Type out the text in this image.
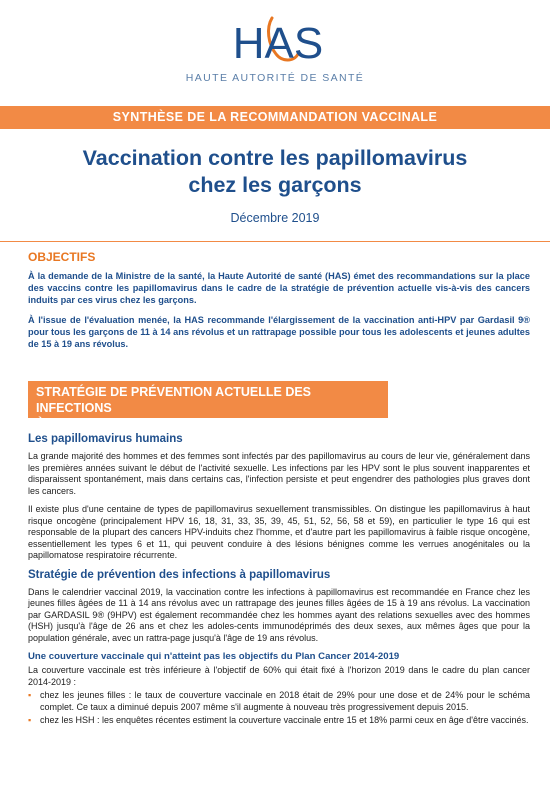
HAS
HAUTE AUTORITÉ DE SANTÉ
SYNTHÈSE DE LA RECOMMANDATION VACCINALE
Vaccination contre les papillomavirus
chez les garçons
Décembre 2019
OBJECTIFS

À la demande de la Ministre de la santé, la Haute Autorité de santé (HAS) émet des recommandations sur la place des vaccins contre les papillomavirus dans le cadre de la stratégie de prévention actuelle vis-à-vis des cancers induits par ces virus chez les garçons.

À l'issue de l'évaluation menée, la HAS recommande l'élargissement de la vaccination anti-HPV par Gardasil 9® pour tous les garçons de 11 à 14 ans révolus et un rattrapage possible pour tous les adolescents et jeunes adultes de 15 à 19 ans révolus.

STRATÉGIE DE PRÉVENTION ACTUELLE DES INFECTIONS
À PAPILLOMAVIRUS EN FRANCE
Les papillomavirus humains

La grande majorité des hommes et des femmes sont infectés par des papillomavirus au cours de leur vie, généralement dans les premières années suivant le début de l'activité sexuelle. Les infections par les HPV sont le plus souvent inapparentes et disparaissent spontanément, mais dans certains cas, l'infection persiste et peut engendrer des pathologies plus graves dont les cancers.

Il existe plus d'une centaine de types de papillomavirus sexuellement transmissibles. On distingue les papillomavirus à haut risque oncogène (principalement HPV 16, 18, 31, 33, 35, 39, 45, 51, 52, 56, 58 et 59), en particulier le type 16 qui est responsable de la plupart des cancers HPV-induits chez l'homme, et d'autre part les papillomavirus à faible risque oncogène, essentiellement les types 6 et 11, qui peuvent conduire à des lésions bénignes comme les verrues anogénitales ou la papillomatose respiratoire récurrente.

Stratégie de prévention des infections à papillomavirus

Dans le calendrier vaccinal 2019, la vaccination contre les infections à papillomavirus est recommandée en France chez les jeunes filles âgées de 11 à 14 ans révolus avec un rattrapage des jeunes filles âgées de 15 à 19 ans révolus. La vaccination par GARDASIL 9® (9HPV) est également recommandée chez les hommes ayant des relations sexuelles avec des hommes (HSH) jusqu'à l'âge de 26 ans et chez les adoles-cents immunodéprimés des deux sexes, aux mêmes âges que pour la population générale, avec un rattra-page jusqu'à l'âge de 19 ans révolus.

Une couverture vaccinale qui n'atteint pas les objectifs du Plan Cancer 2014-2019

La couverture vaccinale est très inférieure à l'objectif de 60% qui était fixé à l'horizon 2019 dans le cadre du plan cancer 2014-2019 :

▪ chez les jeunes filles : le taux de couverture vaccinale en 2018 était de 29% pour une dose et de 24% pour le schéma complet. Ce taux a diminué depuis 2007 même s'il augmente à nouveau très progressivement depuis 2015.
▪ chez les HSH : les enquêtes récentes estiment la couverture vaccinale entre 15 et 18% parmi ceux en âge d'être vaccinés.
